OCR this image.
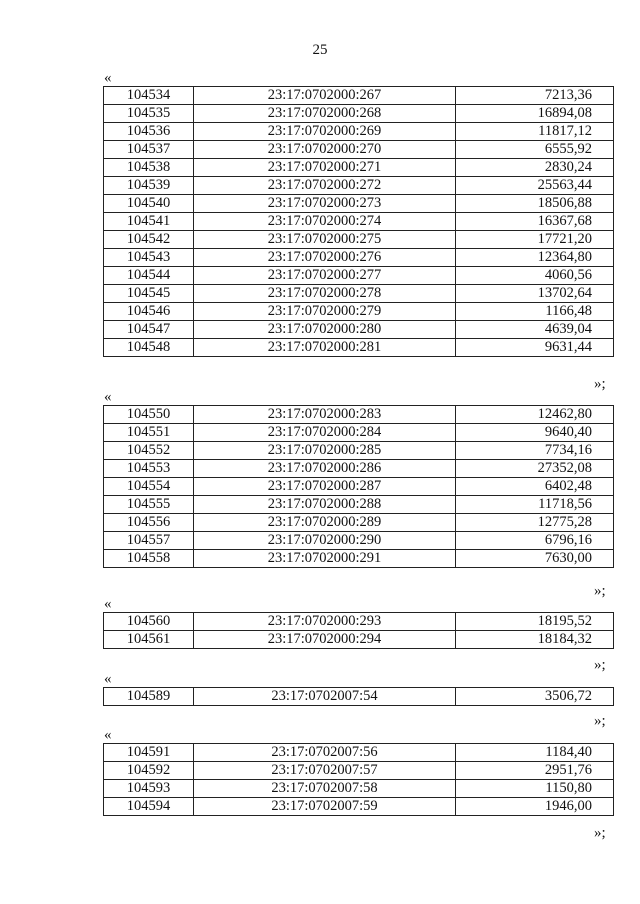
25
«
104534	23:17:0702000:267	7213,36
104535	23:17:0702000:268	16894,08
104536	23:17:0702000:269	11817,12
104537	23:17:0702000:270	6555,92
104538	23:17:0702000:271	2830,24
104539	23:17:0702000:272	25563,44
104540	23:17:0702000:273	18506,88
104541	23:17:0702000:274	16367,68
104542	23:17:0702000:275	17721,20
104543	23:17:0702000:276	12364,80
104544	23:17:0702000:277	4060,56
104545	23:17:0702000:278	13702,64
104546	23:17:0702000:279	1166,48
104547	23:17:0702000:280	4639,04
104548	23:17:0702000:281	9631,44
»;
«
104550	23:17:0702000:283	12462,80
104551	23:17:0702000:284	9640,40
104552	23:17:0702000:285	7734,16
104553	23:17:0702000:286	27352,08
104554	23:17:0702000:287	6402,48
104555	23:17:0702000:288	11718,56
104556	23:17:0702000:289	12775,28
104557	23:17:0702000:290	6796,16
104558	23:17:0702000:291	7630,00
»;
«
104560	23:17:0702000:293	18195,52
104561	23:17:0702000:294	18184,32
»;
«
104589	23:17:0702007:54	3506,72
»;
«
104591	23:17:0702007:56	1184,40
104592	23:17:0702007:57	2951,76
104593	23:17:0702007:58	1150,80
104594	23:17:0702007:59	1946,00
»;
